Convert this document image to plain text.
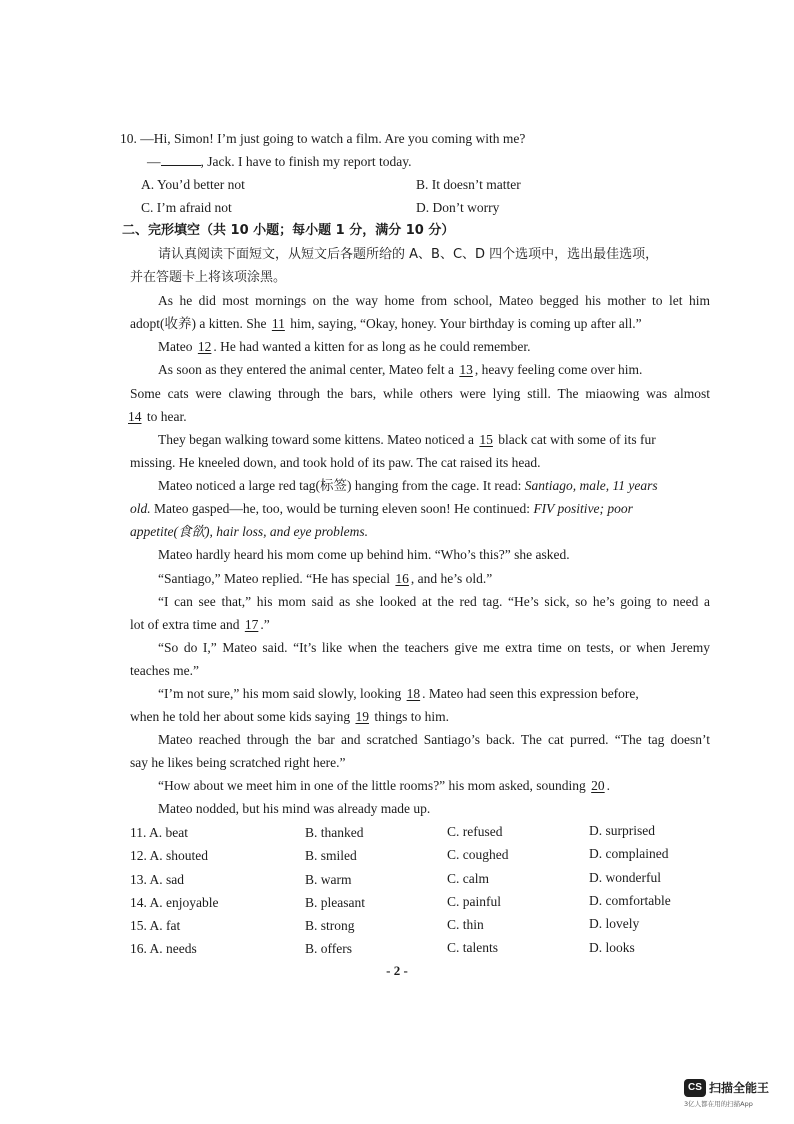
10. —Hi, Simon! I’m just going to watch a film. Are you coming with me?
—	, Jack. I have to finish my report today.
A. You’d better not	B. It doesn’t matter
C. I’m afraid not	D. Don’t worry
二、完形填空（共 10 小题；每小题 1 分，满分 10 分）
请认真阅读下面短文，从短文后各题所给的 A、B、C、D 四个选项中，选出最佳选项，
并在答题卡上将该项涂黑。
As he did most mornings on the way home from school, Mateo begged his mother to let him
adopt(收养) a kitten. She 11 him, saying, “Okay, honey. Your birthday is coming up after all.”
Mateo 12 . He had wanted a kitten for as long as he could remember.
As soon as they entered the animal center, Mateo felt a 13 , heavy feeling come over him.
Some cats were clawing through the bars, while others were lying still. The miaowing was almost
14 to hear.
They began walking toward some kittens. Mateo noticed a 15 black cat with some of its fur
missing. He kneeled down, and took hold of its paw. The cat raised its head.
Mateo noticed a large red tag(标签) hanging from the cage. It read: Santiago, male, 11 years
old. Mateo gasped—he, too, would be turning eleven soon! He continued: FIV positive; poor
appetite(食欲), hair loss, and eye problems.
Mateo hardly heard his mom come up behind him. “Who’s this?” she asked.
“Santiago,” Mateo replied. “He has special 16 , and he’s old.”
“I can see that,” his mom said as she looked at the red tag. “He’s sick, so he’s going to need a
lot of extra time and 17 .”
“So do I,” Mateo said. “It’s like when the teachers give me extra time on tests, or when Jeremy
teaches me.”
“I’m not sure,” his mom said slowly, looking 18 . Mateo had seen this expression before,
when he told her about some kids saying 19 things to him.
Mateo reached through the bar and scratched Santiago’s back. The cat purred. “The tag doesn’t
say he likes being scratched right here.”
“How about we meet him in one of the little rooms?” his mom asked, sounding 20 .
Mateo nodded, but his mind was already made up.
11. A. beat	B. thanked	C. refused	D. surprised
12. A. shouted	B. smiled	C. coughed	D. complained
13. A. sad	B. warm	C. calm	D. wonderful
14. A. enjoyable	B. pleasant	C. painful	D. comfortable
15. A. fat	B. strong	C. thin	D. lovely
16. A. needs	B. offers	C. talents	D. looks
- 2 -
CS 扫描全能王
3亿人都在用的扫描App
